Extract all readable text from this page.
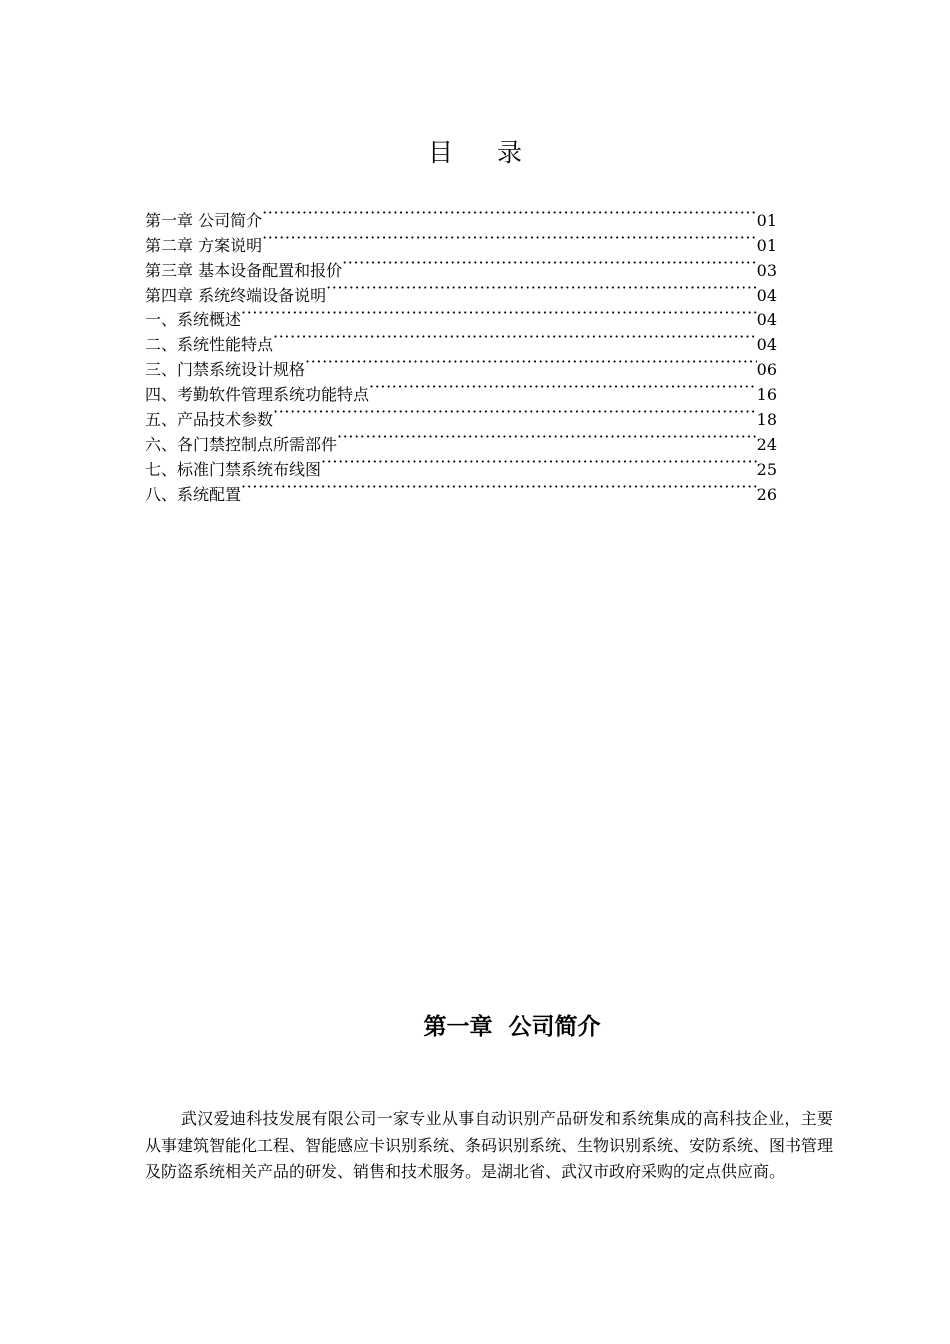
目 录
第一章 公司简介 ·····	01
第二章 方案说明 ·····	01
第三章 基本设备配置和报价 ·····	03
第四章 系统终端设备说明 ·····	04
一、系统概述 ·····	04
二、系统性能特点 ·····	04
三、门禁系统设计规格 ·····	06
四、考勤软件管理系统功能特点 ·····	16
五、产品技术参数 ·····	18
六、各门禁控制点所需部件 ·····	24
七、标准门禁系统布线图 ·····	25
八、系统配置 ·····	26
第一章  公司简介

武汉爱迪科技发展有限公司一家专业从事自动识别产品研发和系统集成的高科技企业，主要从事建筑智能化工程、智能感应卡识别系统、条码识别系统、生物识别系统、安防系统、图书管理及防盗系统相关产品的研发、销售和技术服务。是湖北省、武汉市政府采购的定点供应商。
